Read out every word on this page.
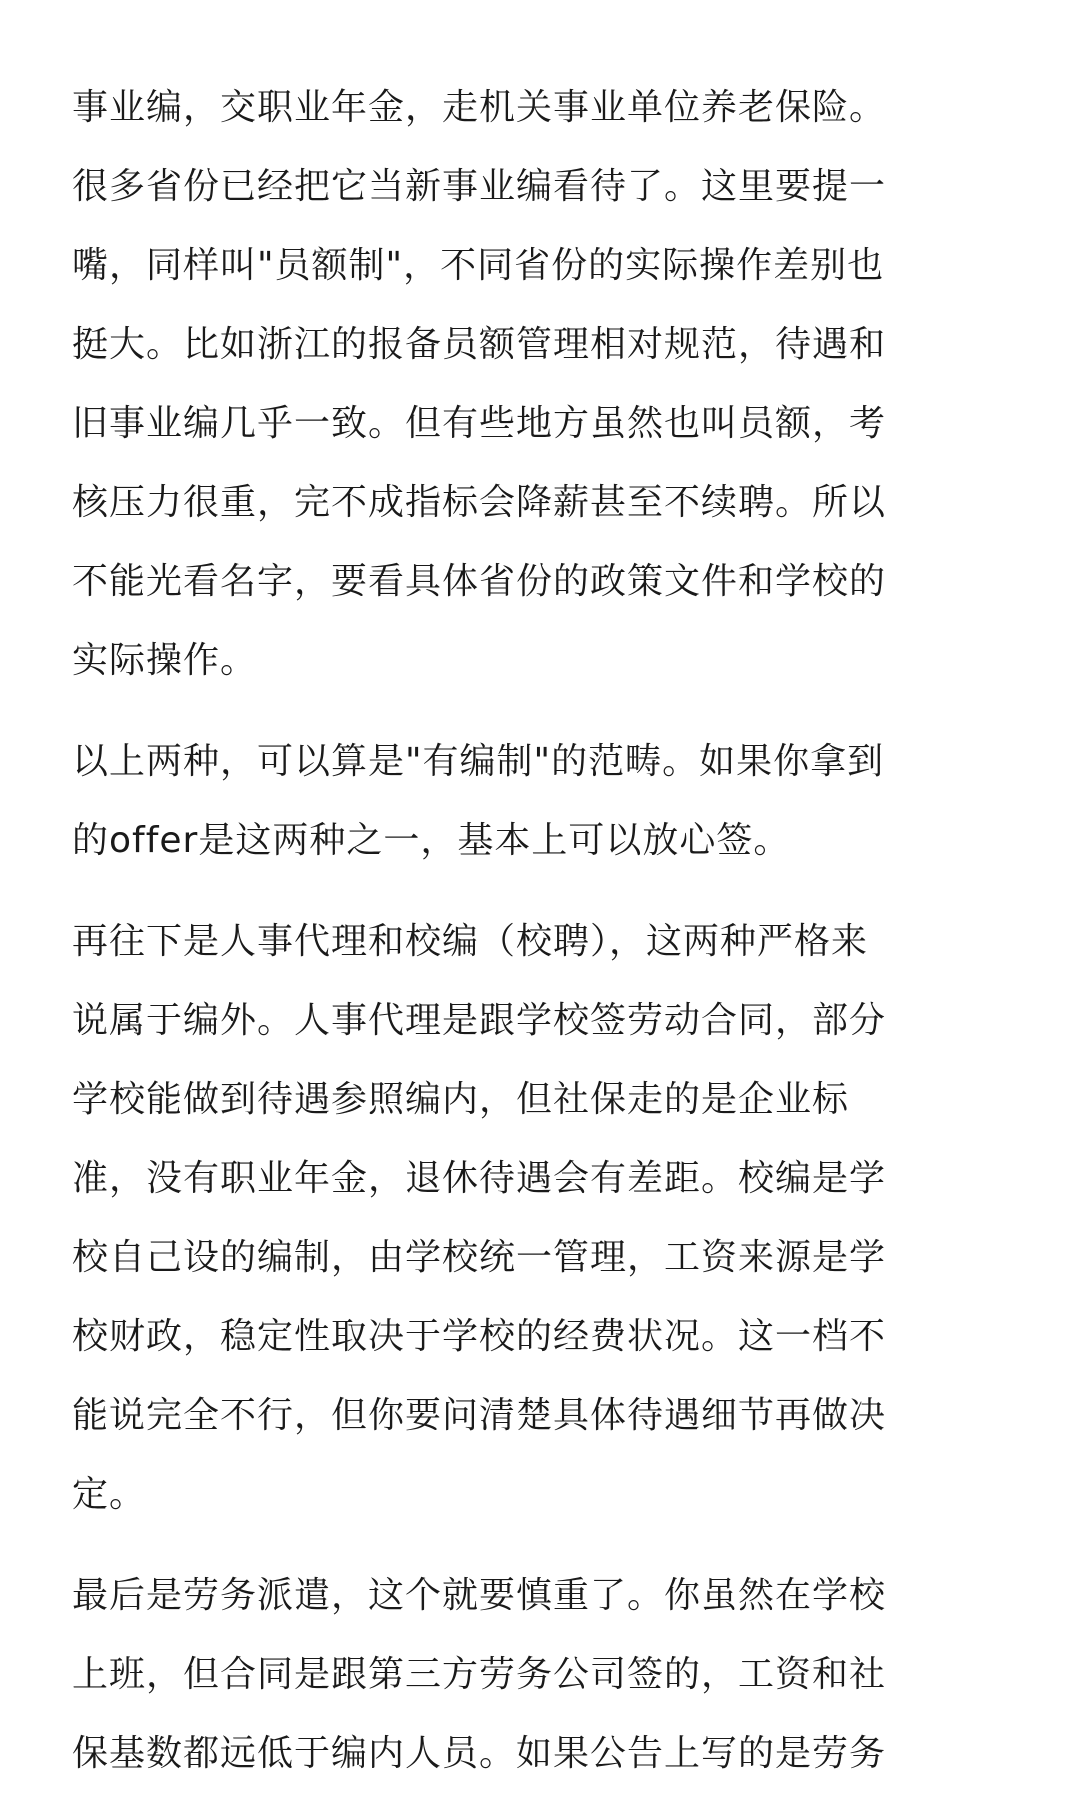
事业编，交职业年金，走机关事业单位养老保险。
很多省份已经把它当新事业编看待了。这里要提一
嘴，同样叫"员额制"，不同省份的实际操作差别也
挺大。比如浙江的报备员额管理相对规范，待遇和
旧事业编几乎一致。但有些地方虽然也叫员额，考
核压力很重，完不成指标会降薪甚至不续聘。所以
不能光看名字，要看具体省份的政策文件和学校的
实际操作。

以上两种，可以算是"有编制"的范畴。如果你拿到
的offer是这两种之一，基本上可以放心签。

再往下是人事代理和校编（校聘），这两种严格来
说属于编外。人事代理是跟学校签劳动合同，部分
学校能做到待遇参照编内，但社保走的是企业标
准，没有职业年金，退休待遇会有差距。校编是学
校自己设的编制，由学校统一管理，工资来源是学
校财政，稳定性取决于学校的经费状况。这一档不
能说完全不行，但你要问清楚具体待遇细节再做决
定。

最后是劳务派遣，这个就要慎重了。你虽然在学校
上班，但合同是跟第三方劳务公司签的，工资和社
保基数都远低于编内人员。如果公告上写的是劳务
